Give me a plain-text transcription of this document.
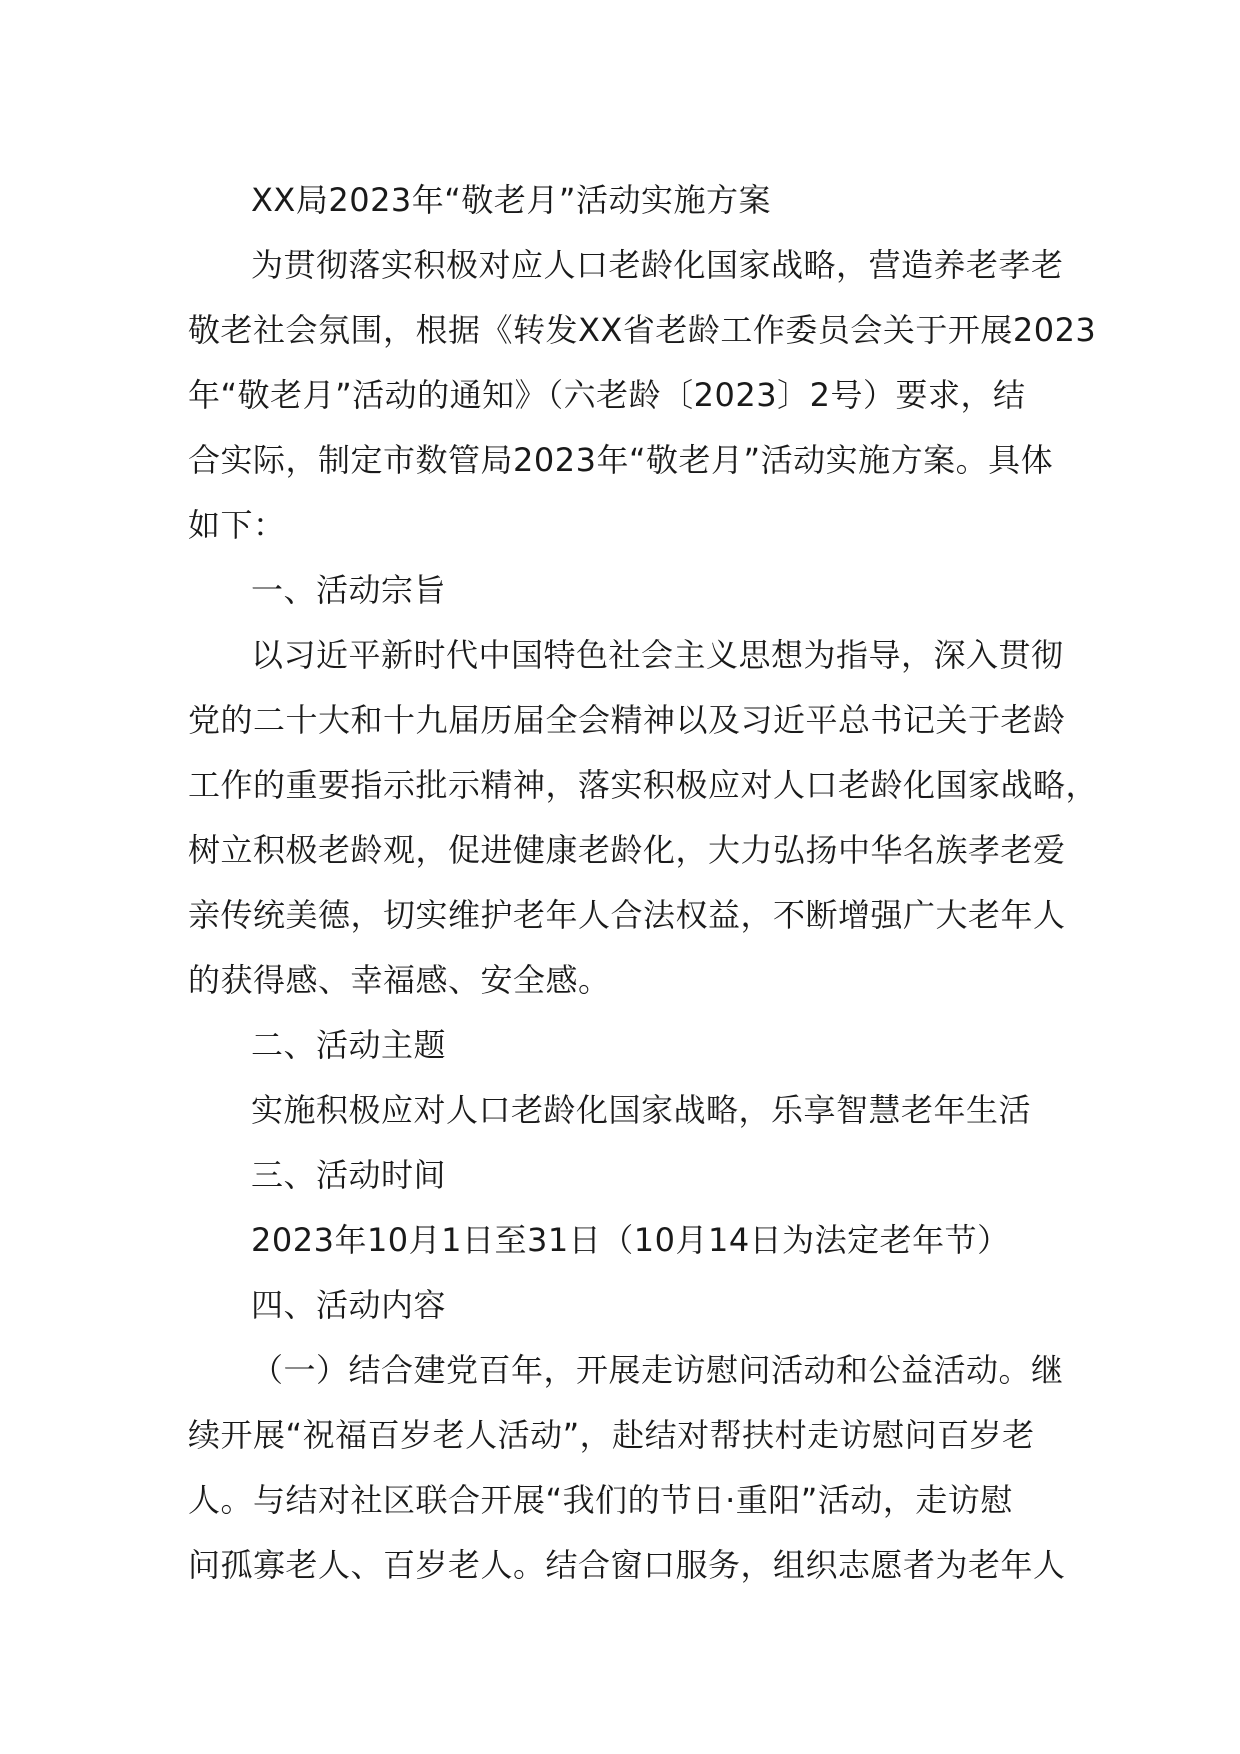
XX局2023年“敬老月”活动实施方案
为贯彻落实积极对应人口老龄化国家战略，营造养老孝老
敬老社会氛围，根据《转发XX省老龄工作委员会关于开展2023
年“敬老月”活动的通知》（六老龄〔2023〕2号）要求，结
合实际，制定市数管局2023年“敬老月”活动实施方案。具体
如下：
一、活动宗旨
以习近平新时代中国特色社会主义思想为指导，深入贯彻
党的二十大和十九届历届全会精神以及习近平总书记关于老龄
工作的重要指示批示精神，落实积极应对人口老龄化国家战略，
树立积极老龄观，促进健康老龄化，大力弘扬中华名族孝老爱
亲传统美德，切实维护老年人合法权益，不断增强广大老年人
的获得感、幸福感、安全感。
二、活动主题
实施积极应对人口老龄化国家战略，乐享智慧老年生活
三、活动时间
2023年10月1日至31日（10月14日为法定老年节）
四、活动内容
（一）结合建党百年，开展走访慰问活动和公益活动。继
续开展“祝福百岁老人活动”，赴结对帮扶村走访慰问百岁老
人。与结对社区联合开展“我们的节日·重阳”活动，走访慰
问孤寡老人、百岁老人。结合窗口服务，组织志愿者为老年人
